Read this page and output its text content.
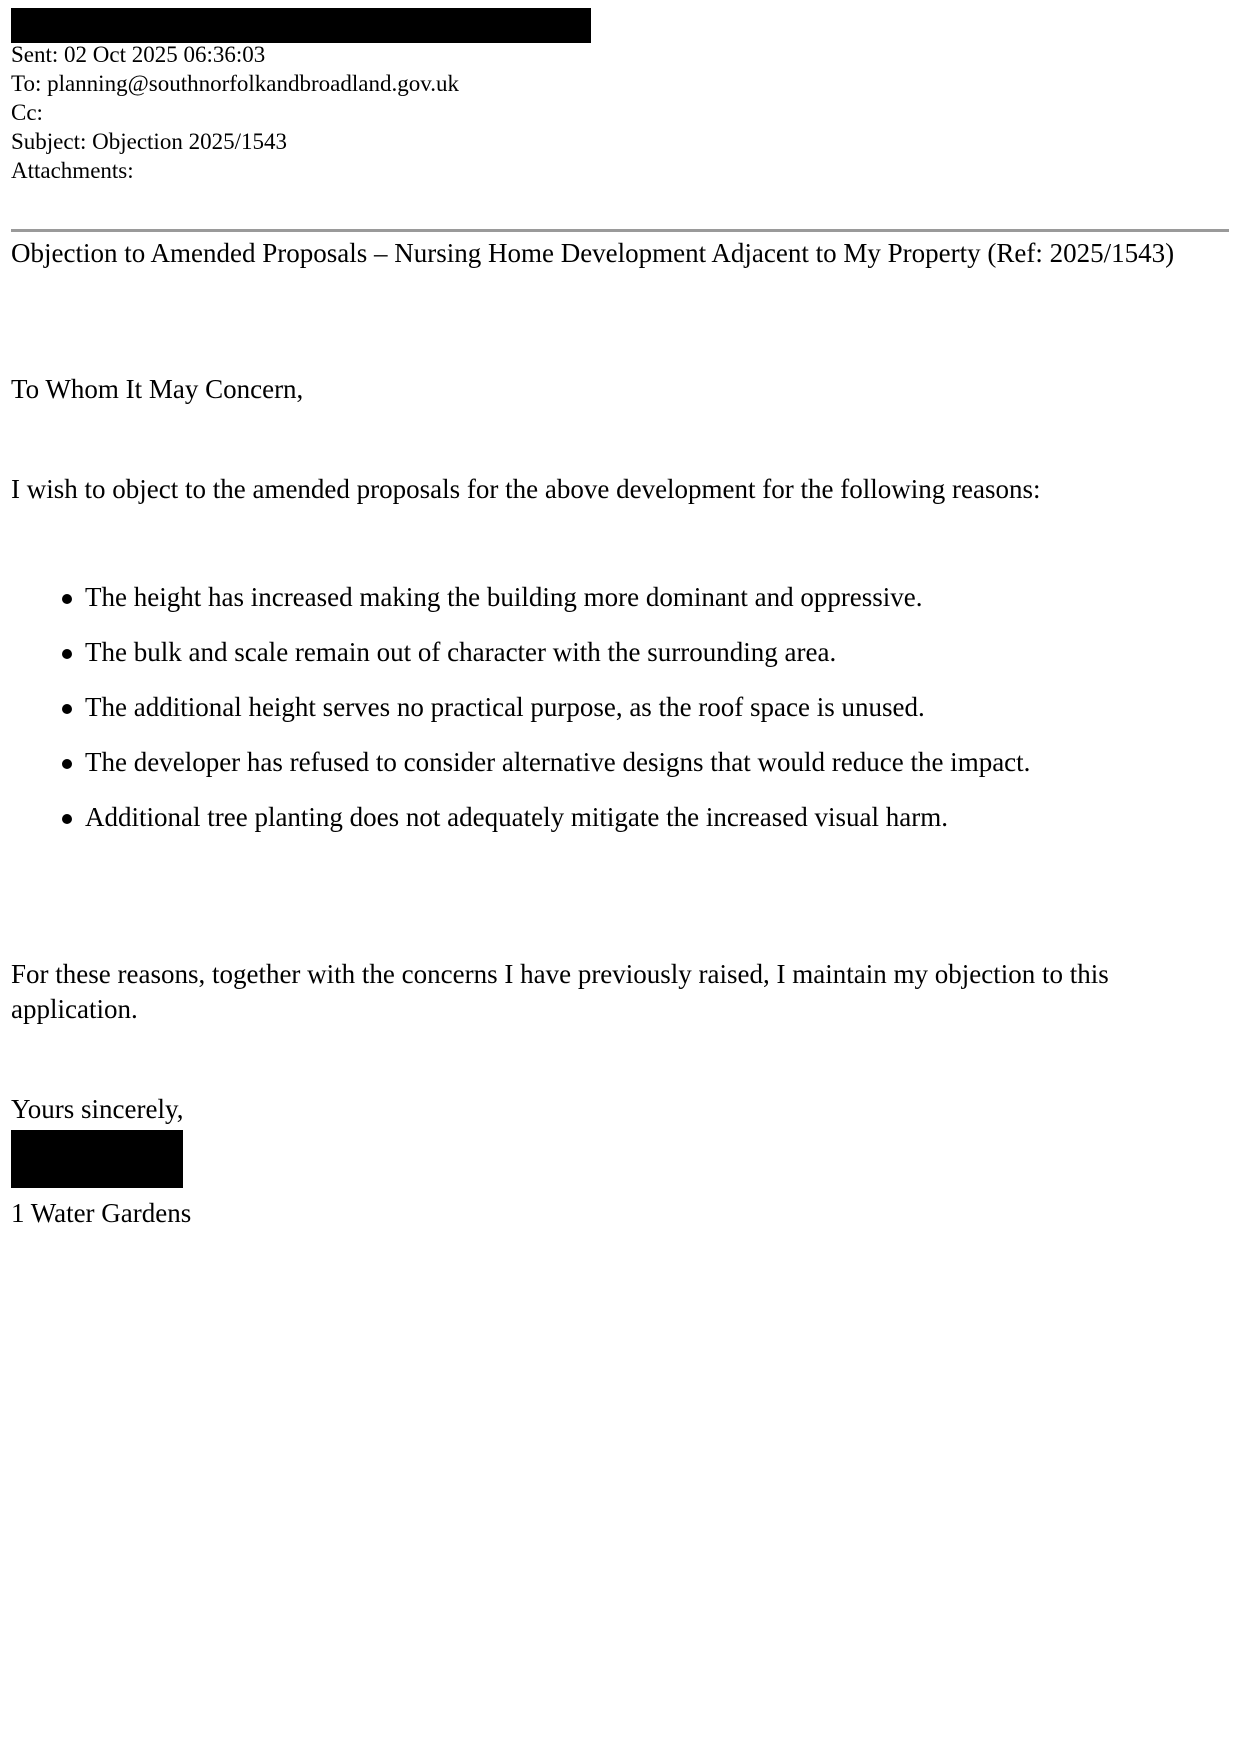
Sent: 02 Oct 2025 06:36:03
To: planning@southnorfolkandbroadland.gov.uk
Cc:
Subject: Objection 2025/1543
Attachments:
Objection to Amended Proposals – Nursing Home Development Adjacent to My Property (Ref: 2025/1543)
To Whom It May Concern,
I wish to object to the amended proposals for the above development for the following reasons:
The height has increased making the building more dominant and oppressive.
The bulk and scale remain out of character with the surrounding area.
The additional height serves no practical purpose, as the roof space is unused.
The developer has refused to consider alternative designs that would reduce the impact.
Additional tree planting does not adequately mitigate the increased visual harm.
For these reasons, together with the concerns I have previously raised, I maintain my objection to this application.
Yours sincerely,
1 Water Gardens
